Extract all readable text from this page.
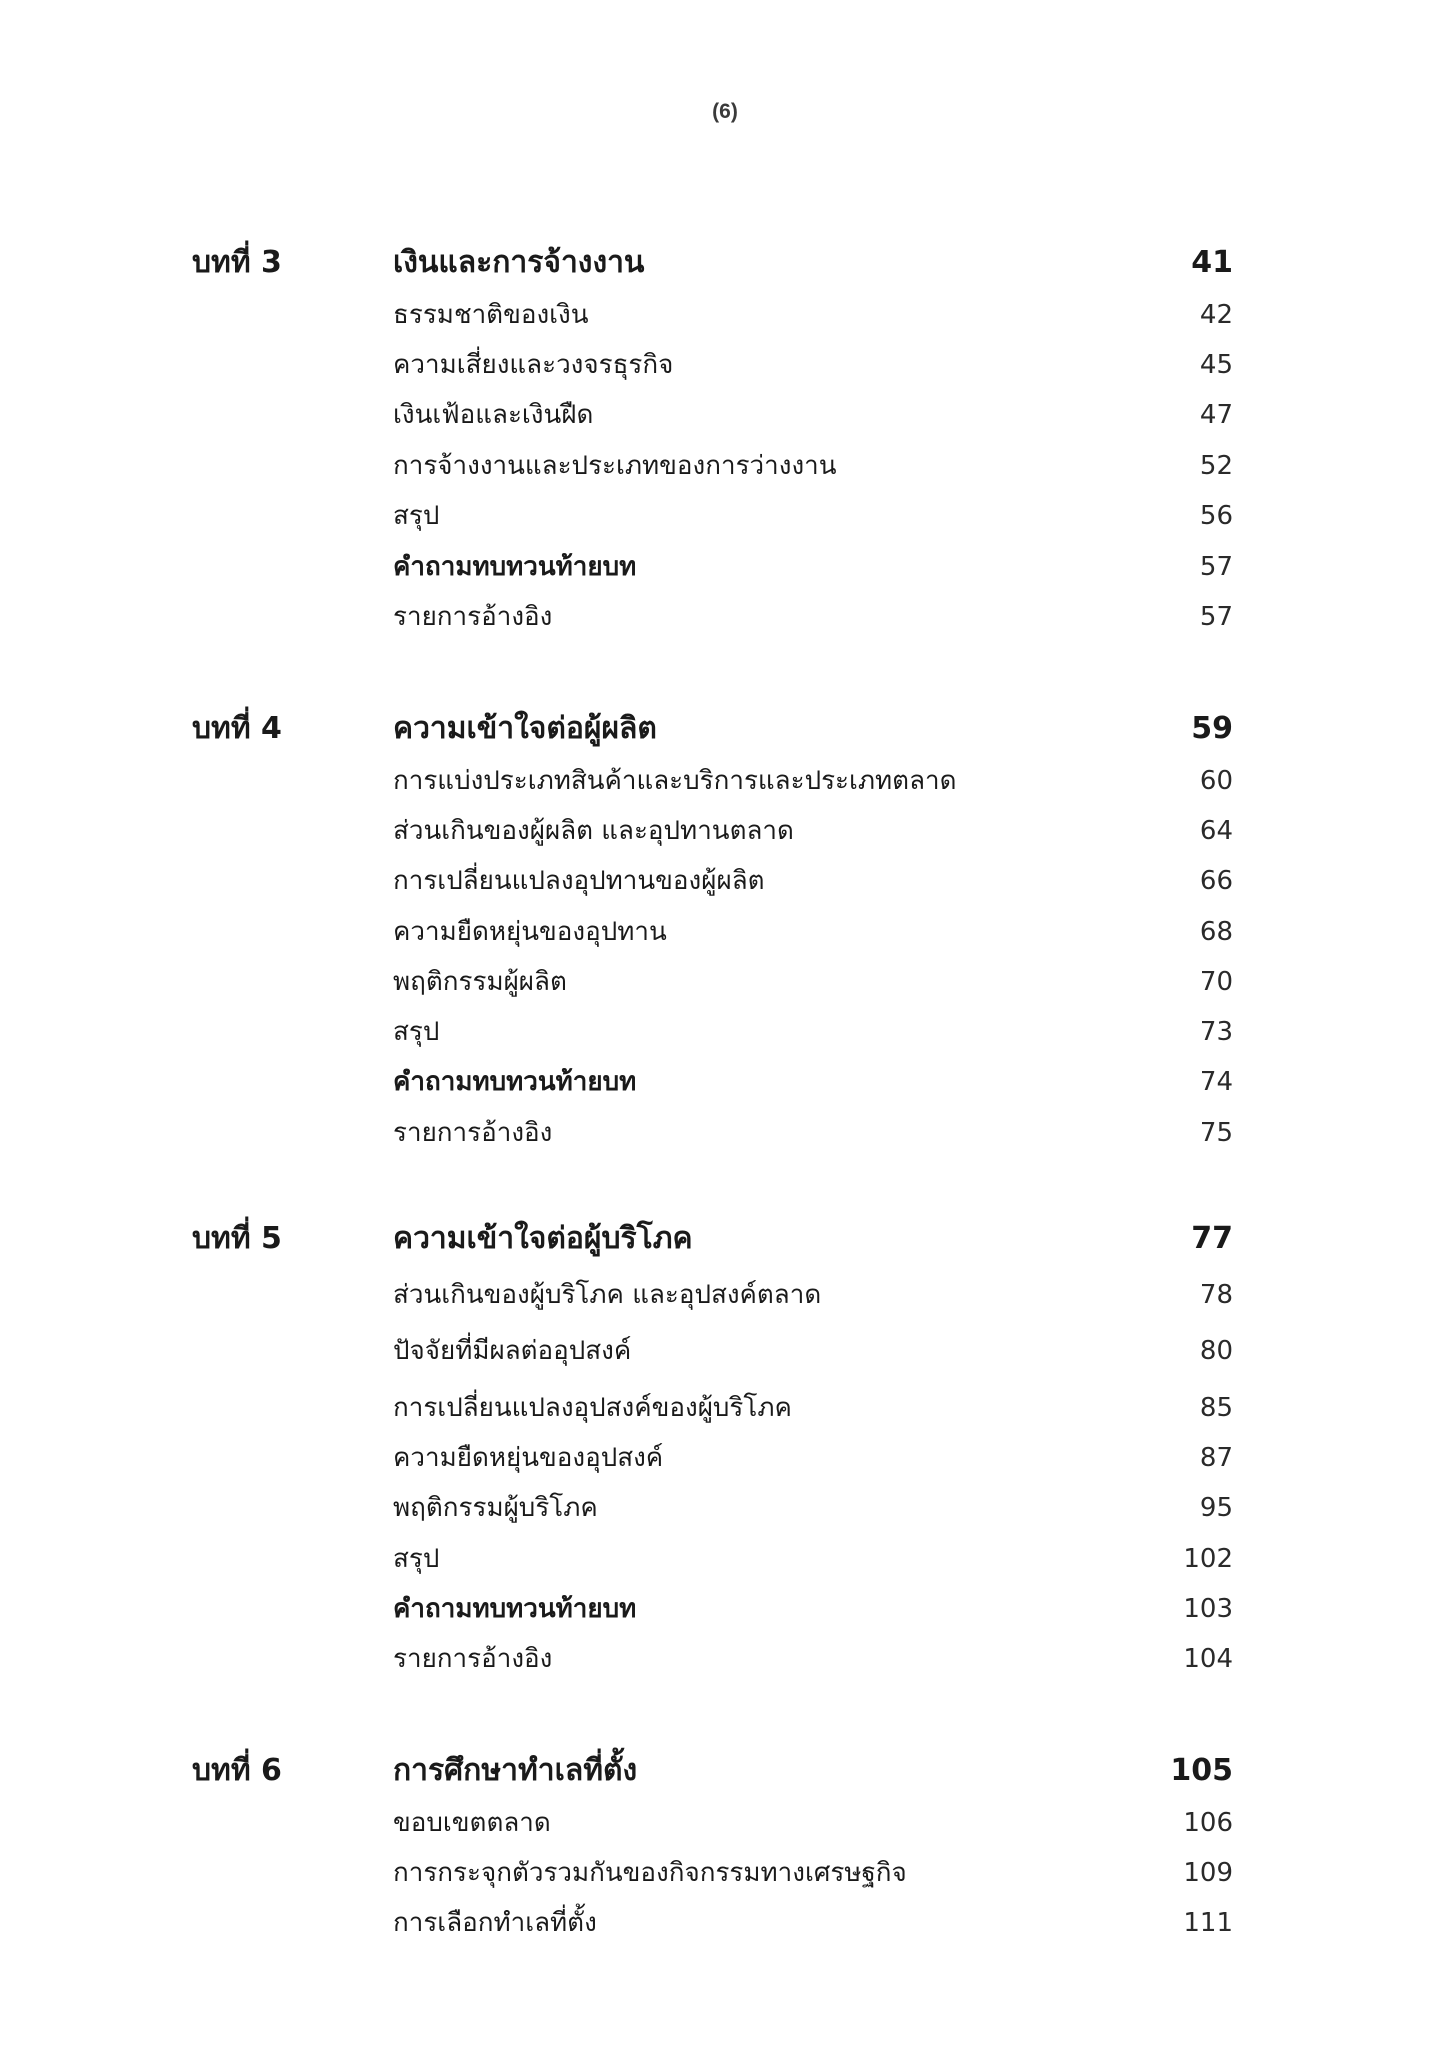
(6)
บทที่ 3	เงินและการจ้างงาน	41
ธรรมชาติของเงิน	42
ความเสี่ยงและวงจรธุรกิจ	45
เงินเฟ้อและเงินฝืด	47
การจ้างงานและประเภทของการว่างงาน	52
สรุป	56
คำถามทบทวนท้ายบท	57
รายการอ้างอิง	57
บทที่ 4	ความเข้าใจต่อผู้ผลิต	59
การแบ่งประเภทสินค้าและบริการและประเภทตลาด	60
ส่วนเกินของผู้ผลิต และอุปทานตลาด	64
การเปลี่ยนแปลงอุปทานของผู้ผลิต	66
ความยืดหยุ่นของอุปทาน	68
พฤติกรรมผู้ผลิต	70
สรุป	73
คำถามทบทวนท้ายบท	74
รายการอ้างอิง	75
บทที่ 5	ความเข้าใจต่อผู้บริโภค	77
ส่วนเกินของผู้บริโภค และอุปสงค์ตลาด	78
ปัจจัยที่มีผลต่ออุปสงค์	80
การเปลี่ยนแปลงอุปสงค์ของผู้บริโภค	85
ความยืดหยุ่นของอุปสงค์	87
พฤติกรรมผู้บริโภค	95
สรุป	102
คำถามทบทวนท้ายบท	103
รายการอ้างอิง	104
บทที่ 6	การศึกษาทำเลที่ตั้ง	105
ขอบเขตตลาด	106
การกระจุกตัวรวมกันของกิจกรรมทางเศรษฐกิจ	109
การเลือกทำเลที่ตั้ง	111
